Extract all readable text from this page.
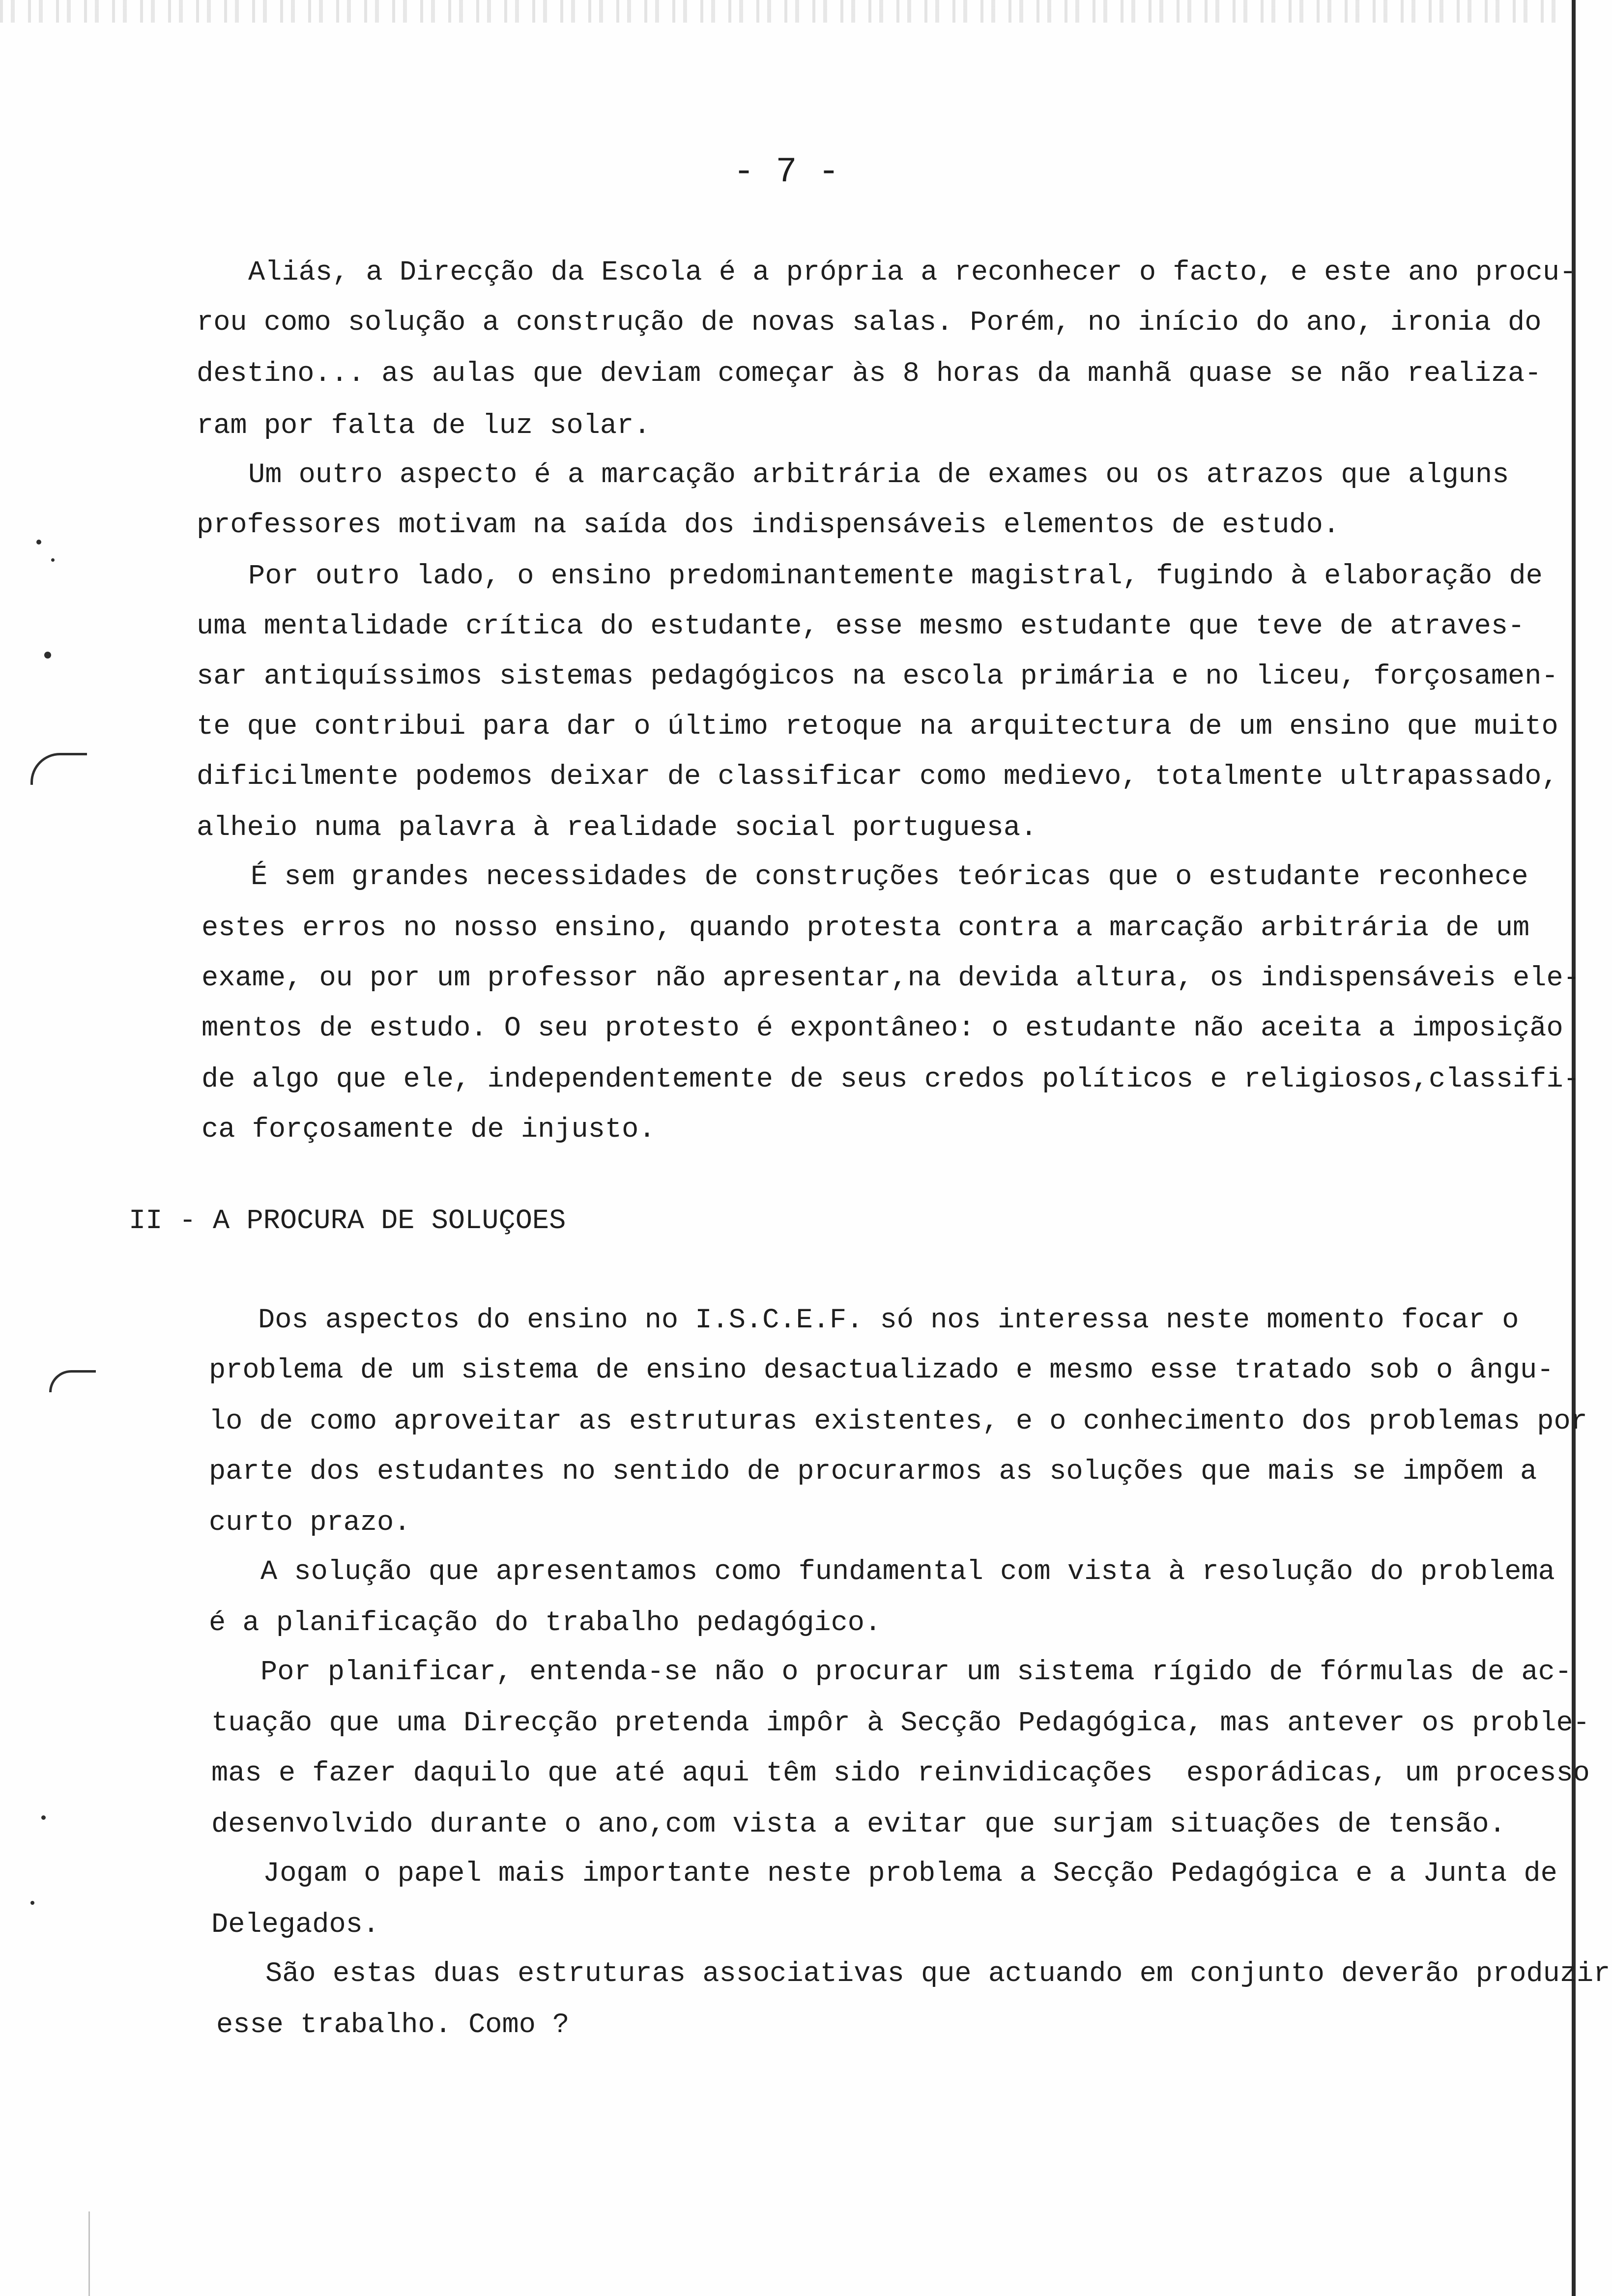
- 7 -
Aliás, a Direcção da Escola é a própria a reconhecer o facto, e este ano procu-
rou como solução a construção de novas salas. Porém, no início do ano, ironia do
destino... as aulas que deviam começar às 8 horas da manhã quase se não realiza-
ram por falta de luz solar.
Um outro aspecto é a marcação arbitrária de exames ou os atrazos que alguns
professores motivam na saída dos indispensáveis elementos de estudo.
Por outro lado, o ensino predominantemente magistral, fugindo à elaboração de
uma mentalidade crítica do estudante, esse mesmo estudante que teve de atraves-
sar antiquíssimos sistemas pedagógicos na escola primária e no liceu, forçosamen-
te que contribui para dar o último retoque na arquitectura de um ensino que muito
dificilmente podemos deixar de classificar como medievo, totalmente ultrapassado,
alheio numa palavra à realidade social portuguesa.
É sem grandes necessidades de construções teóricas que o estudante reconhece
estes erros no nosso ensino, quando protesta contra a marcação arbitrária de um
exame, ou por um professor não apresentar,na devida altura, os indispensáveis ele-
mentos de estudo. O seu protesto é expontâneo: o estudante não aceita a imposição
de algo que ele, independentemente de seus credos políticos e religiosos,classifi-
ca forçosamente de injusto.
II - A PROCURA DE SOLUÇOES
Dos aspectos do ensino no I.S.C.E.F. só nos interessa neste momento focar o
problema de um sistema de ensino desactualizado e mesmo esse tratado sob o ângu-
lo de como aproveitar as estruturas existentes, e o conhecimento dos problemas por
parte dos estudantes no sentido de procurarmos as soluções que mais se impõem a
curto prazo.
A solução que apresentamos como fundamental com vista à resolução do problema
é a planificação do trabalho pedagógico.
Por planificar, entenda-se não o procurar um sistema rígido de fórmulas de ac-
tuação que uma Direcção pretenda impôr à Secção Pedagógica, mas antever os proble-
mas e fazer daquilo que até aqui têm sido reinvidicações  esporádicas, um processo
desenvolvido durante o ano,com vista a evitar que surjam situações de tensão.
Jogam o papel mais importante neste problema a Secção Pedagógica e a Junta de
Delegados.
São estas duas estruturas associativas que actuando em conjunto deverão produzir
esse trabalho. Como ?
